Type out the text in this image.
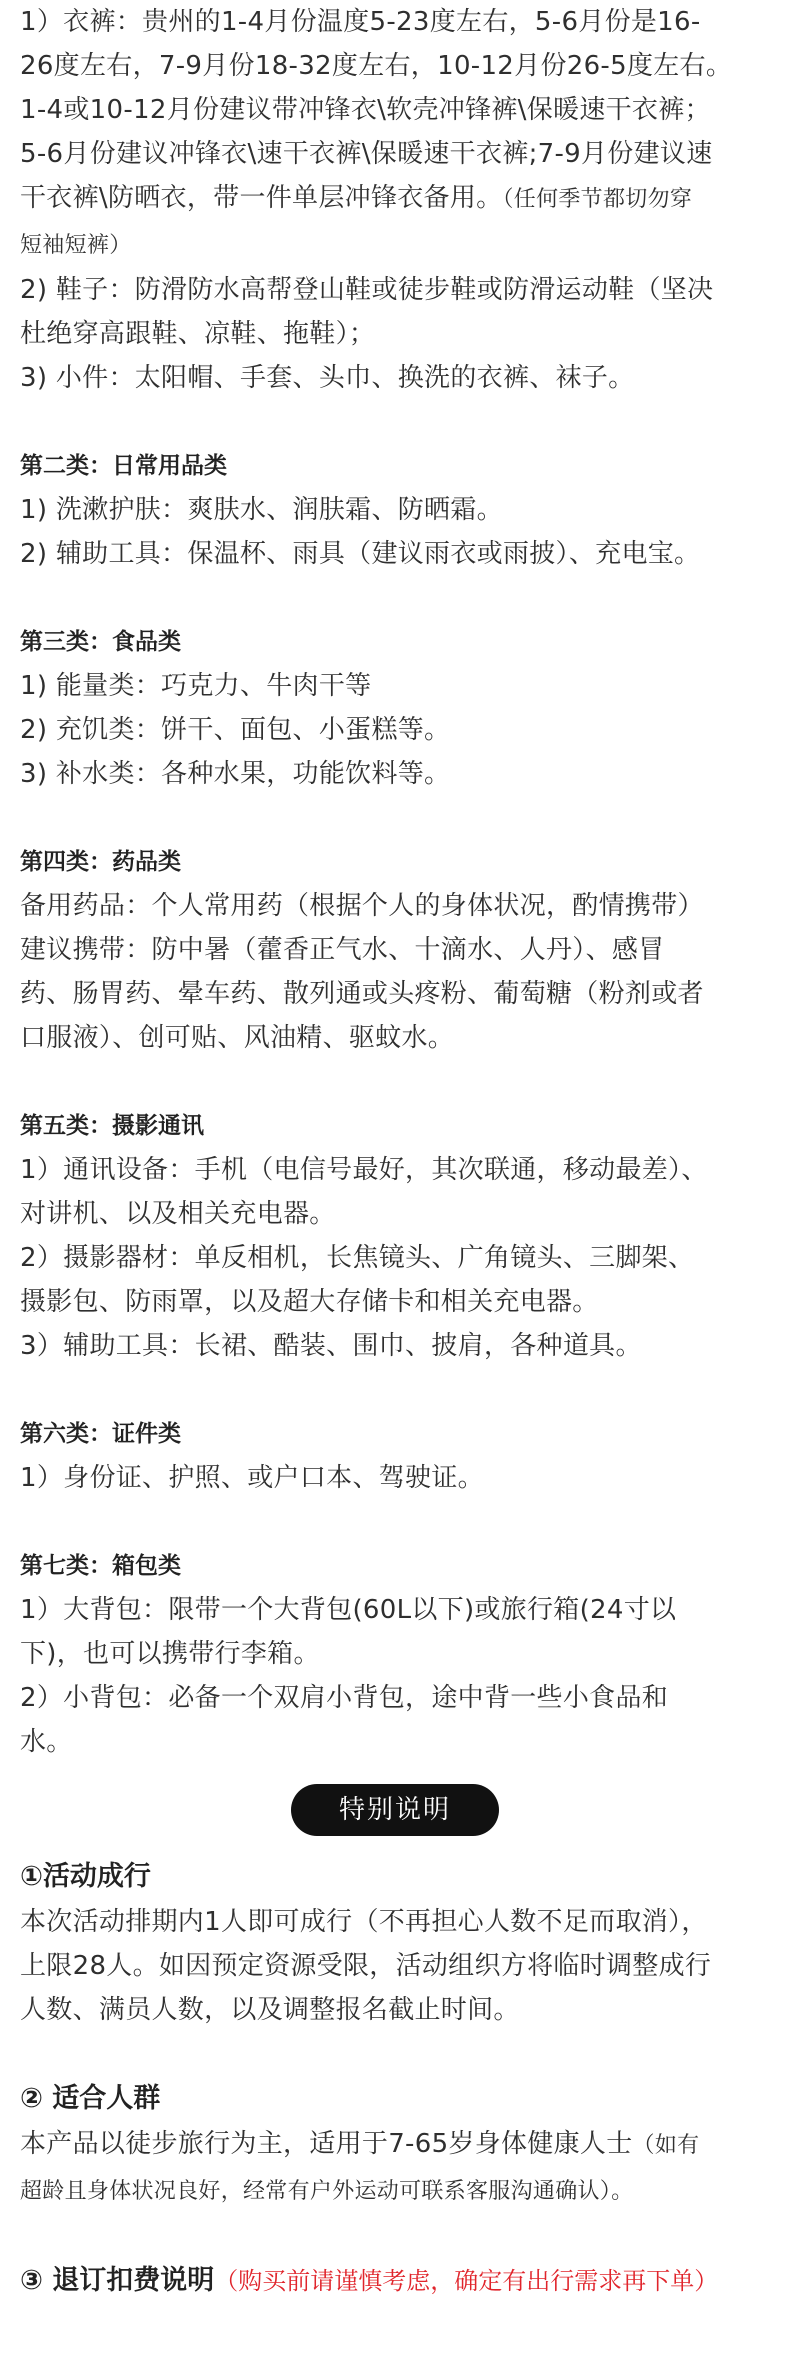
1）衣裤：贵州的1-4月份温度5-23度左右，5-6月份是16-

26度左右，7-9月份18-32度左右，10-12月份26-5度左右。

1-4或10-12月份建议带冲锋衣\软壳冲锋裤\保暖速干衣裤；

5-6月份建议冲锋衣\速干衣裤\保暖速干衣裤;7-9月份建议速

干衣裤\防晒衣，带一件单层冲锋衣备用。（任何季节都切勿穿

短袖短裤）

2) 鞋子：防滑防水高帮登山鞋或徒步鞋或防滑运动鞋（坚决

杜绝穿高跟鞋、凉鞋、拖鞋）；

3) 小件：太阳帽、手套、头巾、换洗的衣裤、袜子。

第二类：日常用品类

1) 洗漱护肤：爽肤水、润肤霜、防晒霜。

2) 辅助工具：保温杯、雨具（建议雨衣或雨披）、充电宝。

第三类：食品类

1) 能量类：巧克力、牛肉干等

2) 充饥类：饼干、面包、小蛋糕等。

3) 补水类：各种水果，功能饮料等。

第四类：药品类

备用药品：个人常用药（根据个人的身体状况，酌情携带）

建议携带：防中暑（藿香正气水、十滴水、人丹）、感冒

药、肠胃药、晕车药、散列通或头疼粉、葡萄糖（粉剂或者

口服液）、创可贴、风油精、驱蚊水。

第五类：摄影通讯

1）通讯设备：手机（电信号最好，其次联通，移动最差）、

对讲机、以及相关充电器。

2）摄影器材：单反相机，长焦镜头、广角镜头、三脚架、

摄影包、防雨罩，以及超大存储卡和相关充电器。

3）辅助工具：长裙、酷装、围巾、披肩，各种道具。

第六类：证件类

1）身份证、护照、或户口本、驾驶证。

第七类：箱包类

1）大背包：限带一个大背包(60L以下)或旅行箱(24寸以

下)，也可以携带行李箱。

2）小背包：必备一个双肩小背包，途中背一些小食品和

水。

特别说明

①活动成行

本次活动排期内1人即可成行（不再担心人数不足而取消），

上限28人。如因预定资源受限，活动组织方将临时调整成行

人数、满员人数，以及调整报名截止时间。

② 适合人群

本产品以徒步旅行为主，适用于7-65岁身体健康人士（如有

超龄且身体状况良好，经常有户外运动可联系客服沟通确认）。

③ 退订扣费说明（购买前请谨慎考虑，确定有出行需求再下单）
